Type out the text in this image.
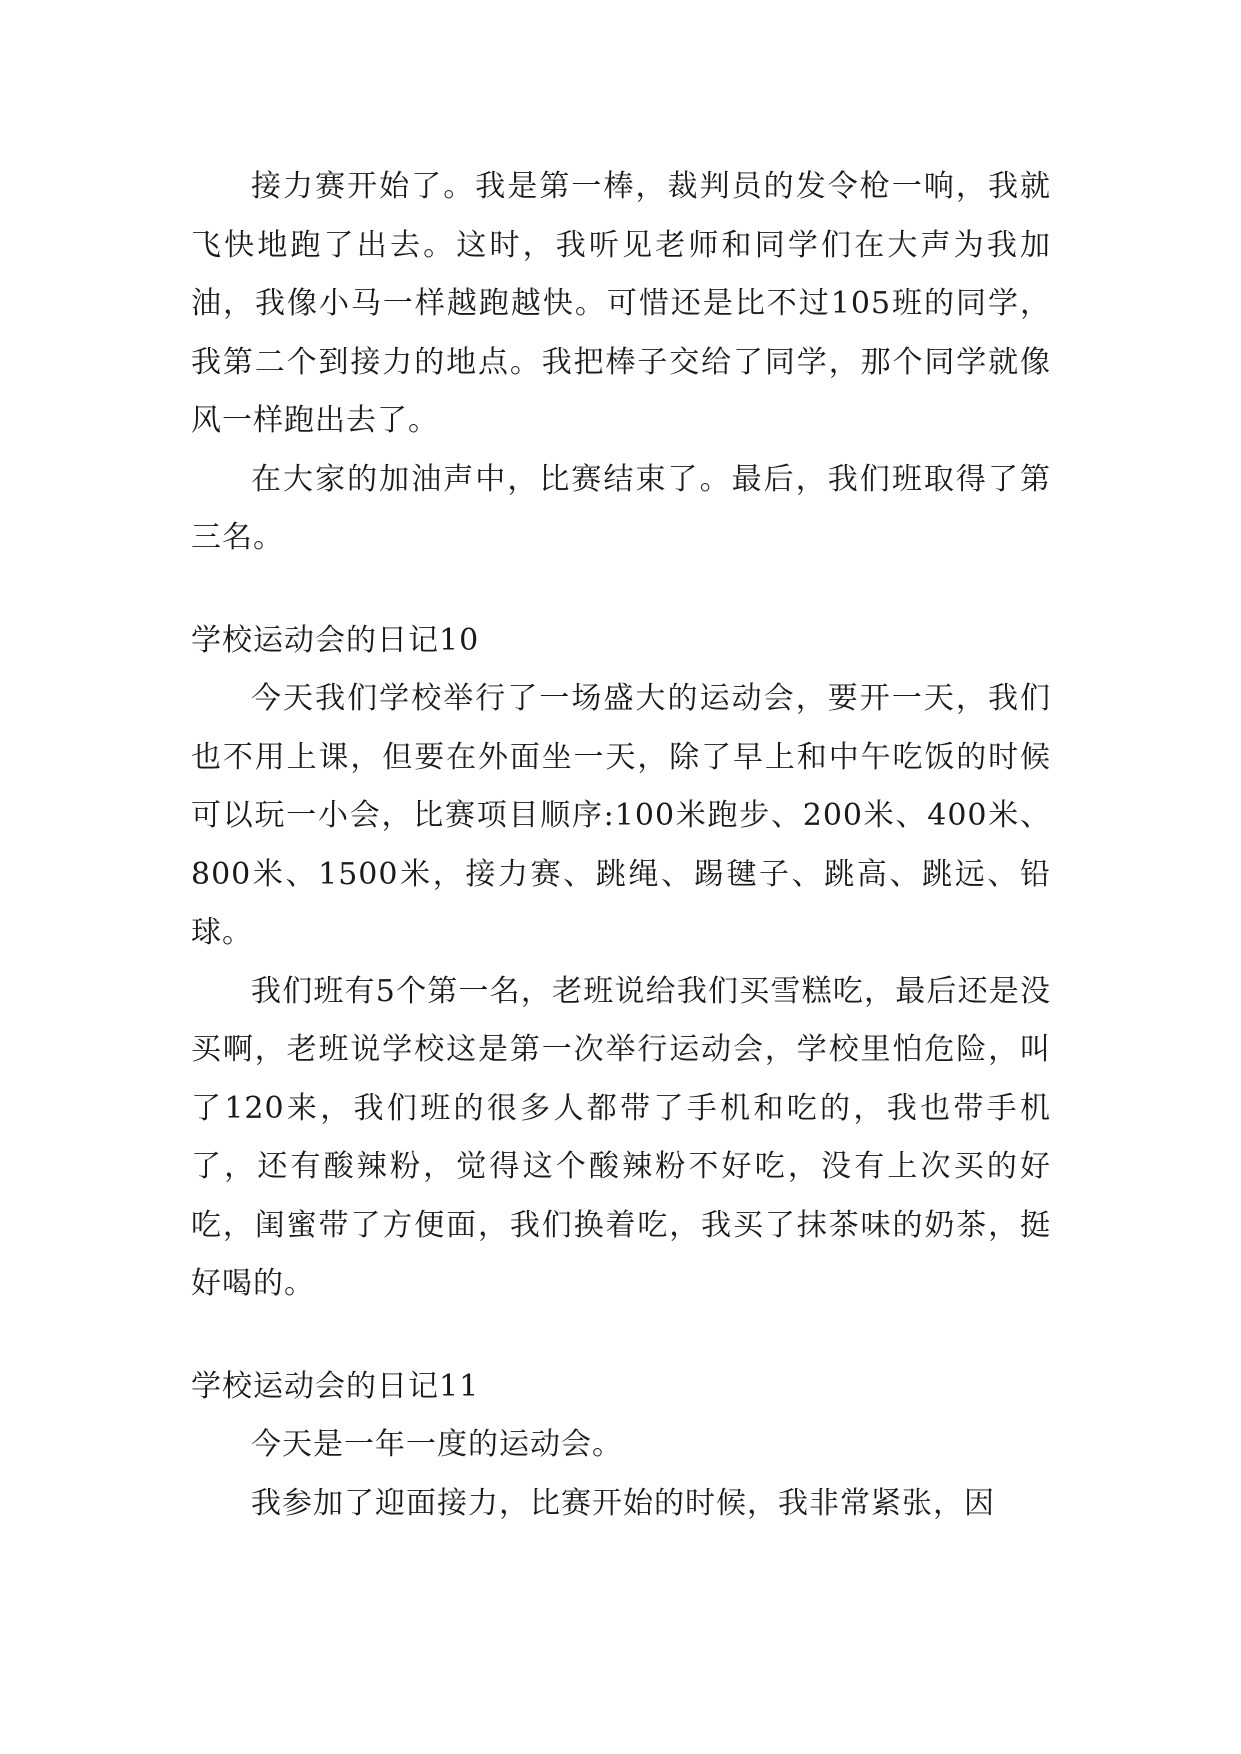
接力赛开始了。我是第一棒，裁判员的发令枪一响，我就飞快地跑了出去。这时，我听见老师和同学们在大声为我加油，我像小马一样越跑越快。可惜还是比不过105班的同学，我第二个到接力的地点。我把棒子交给了同学，那个同学就像风一样跑出去了。

在大家的加油声中，比赛结束了。最后，我们班取得了第三名。

学校运动会的日记10

今天我们学校举行了一场盛大的运动会，要开一天，我们也不用上课，但要在外面坐一天，除了早上和中午吃饭的时候可以玩一小会，比赛项目顺序:100米跑步、200米、400米、800米、1500米，接力赛、跳绳、踢毽子、跳高、跳远、铅球。

我们班有5个第一名，老班说给我们买雪糕吃，最后还是没买啊，老班说学校这是第一次举行运动会，学校里怕危险，叫了120来，我们班的很多人都带了手机和吃的，我也带手机了，还有酸辣粉，觉得这个酸辣粉不好吃，没有上次买的好吃，闺蜜带了方便面，我们换着吃，我买了抹茶味的奶茶，挺好喝的。

学校运动会的日记11

今天是一年一度的运动会。

我参加了迎面接力，比赛开始的时候，我非常紧张，因
